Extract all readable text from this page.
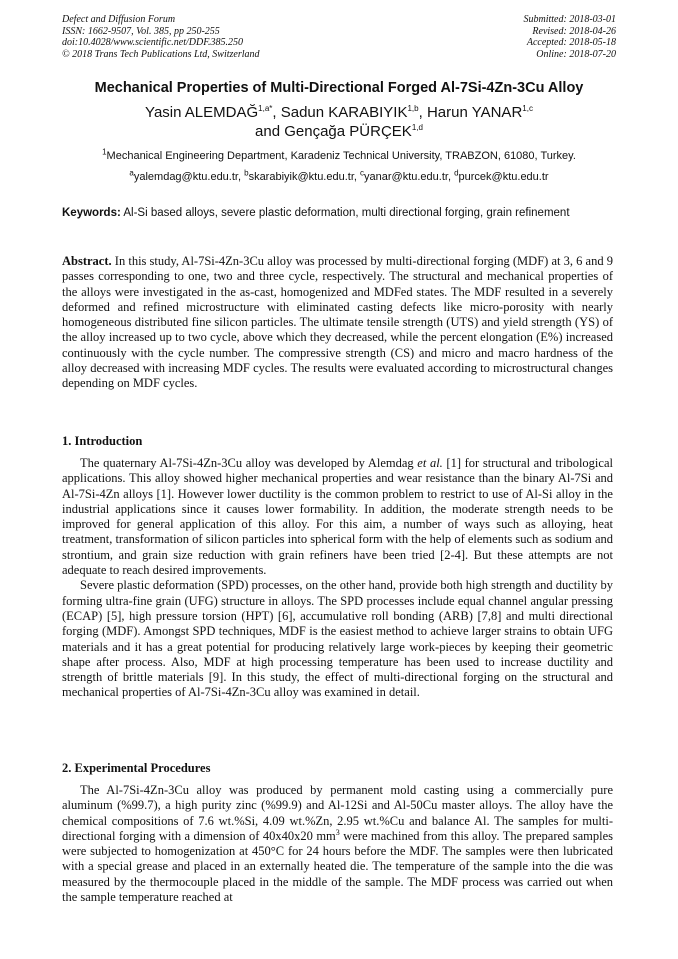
Defect and Diffusion Forum
ISSN: 1662-9507, Vol. 385, pp 250-255
doi:10.4028/www.scientific.net/DDF.385.250
© 2018 Trans Tech Publications Ltd, Switzerland
Submitted: 2018-03-01
Revised: 2018-04-26
Accepted: 2018-05-18
Online: 2018-07-20
Mechanical Properties of Multi-Directional Forged Al-7Si-4Zn-3Cu Alloy
Yasin $ALEMDAĞ^{1,a*}$, Sadun KARABIYIK$^{1,b}$, Harun YANAR$^{1,c}$
and Gençağa PÜRÇEK$^{1,d}$
$^1$Mechanical Engineering Department, Karadeniz Technical University, TRABZON, 61080, Turkey.
$^a$yalemdag@ktu.edu.tr, $^b$skarabiyik@ktu.edu.tr, $^c$yanar@ktu.edu.tr, $^d$purcek@ktu.edu.tr
Keywords: Al-Si based alloys, severe plastic deformation, multi directional forging, grain refinement
Abstract. In this study, Al-7Si-4Zn-3Cu alloy was processed by multi-directional forging (MDF) at 3, 6 and 9 passes corresponding to one, two and three cycle, respectively. The structural and mechanical properties of the alloys were investigated in the as-cast, homogenized and MDFed states. The MDF resulted in a severely deformed and refined microstructure with eliminated casting defects like micro-porosity with nearly homogeneous distributed fine silicon particles. The ultimate tensile strength (UTS) and yield strength (YS) of the alloy increased up to two cycle, above which they decreased, while the percent elongation (E%) increased continuously with the cycle number. The compressive strength (CS) and micro and macro hardness of the alloy decreased with increasing MDF cycles. The results were evaluated according to microstructural changes depending on MDF cycles.
1. Introduction

The quaternary Al-7Si-4Zn-3Cu alloy was developed by Alemdag et al. [1] for structural and tribological applications. This alloy showed higher mechanical properties and wear resistance than the binary Al-7Si and Al-7Si-4Zn alloys [1]. However lower ductility is the common problem to restrict to use of Al-Si alloy in the industrial applications since it causes lower formability. In addition, the moderate strength needs to be improved for general application of this alloy. For this aim, a number of ways such as alloying, heat treatment, transformation of silicon particles into spherical form with the help of elements such as sodium and strontium, and grain size reduction with grain refiners have been tried [2-4]. But these attempts are not adequate to reach desired improvements.

Severe plastic deformation (SPD) processes, on the other hand, provide both high strength and ductility by forming ultra-fine grain (UFG) structure in alloys. The SPD processes include equal channel angular pressing (ECAP) [5], high pressure torsion (HPT) [6], accumulative roll bonding (ARB) [7,8] and multi directional forging (MDF). Amongst SPD techniques, MDF is the easiest method to achieve larger strains to obtain UFG materials and it has a great potential for producing relatively large work-pieces by keeping their geometric shape after process. Also, MDF at high processing temperature has been used to increase ductility and strength of brittle materials [9]. In this study, the effect of multi-directional forging on the structural and mechanical properties of Al-7Si-4Zn-3Cu alloy was examined in detail.

2. Experimental Procedures

The Al-7Si-4Zn-3Cu alloy was produced by permanent mold casting using a commercially pure aluminum (%99.7), a high purity zinc (%99.9) and Al-12Si and Al-50Cu master alloys. The alloy have the chemical compositions of 7.6 wt.%Si, 4.09 wt.%Zn, 2.95 wt.%Cu and balance Al. The samples for multi-directional forging with a dimension of 40x40x20 $mm^3$ were machined from this alloy. The prepared samples were subjected to homogenization at 450°C for 24 hours before the MDF. The samples were then lubricated with a special grease and placed in an externally heated die. The temperature of the sample into the die was measured by the thermocouple placed in the middle of the sample. The MDF process was carried out when the sample temperature reached at
